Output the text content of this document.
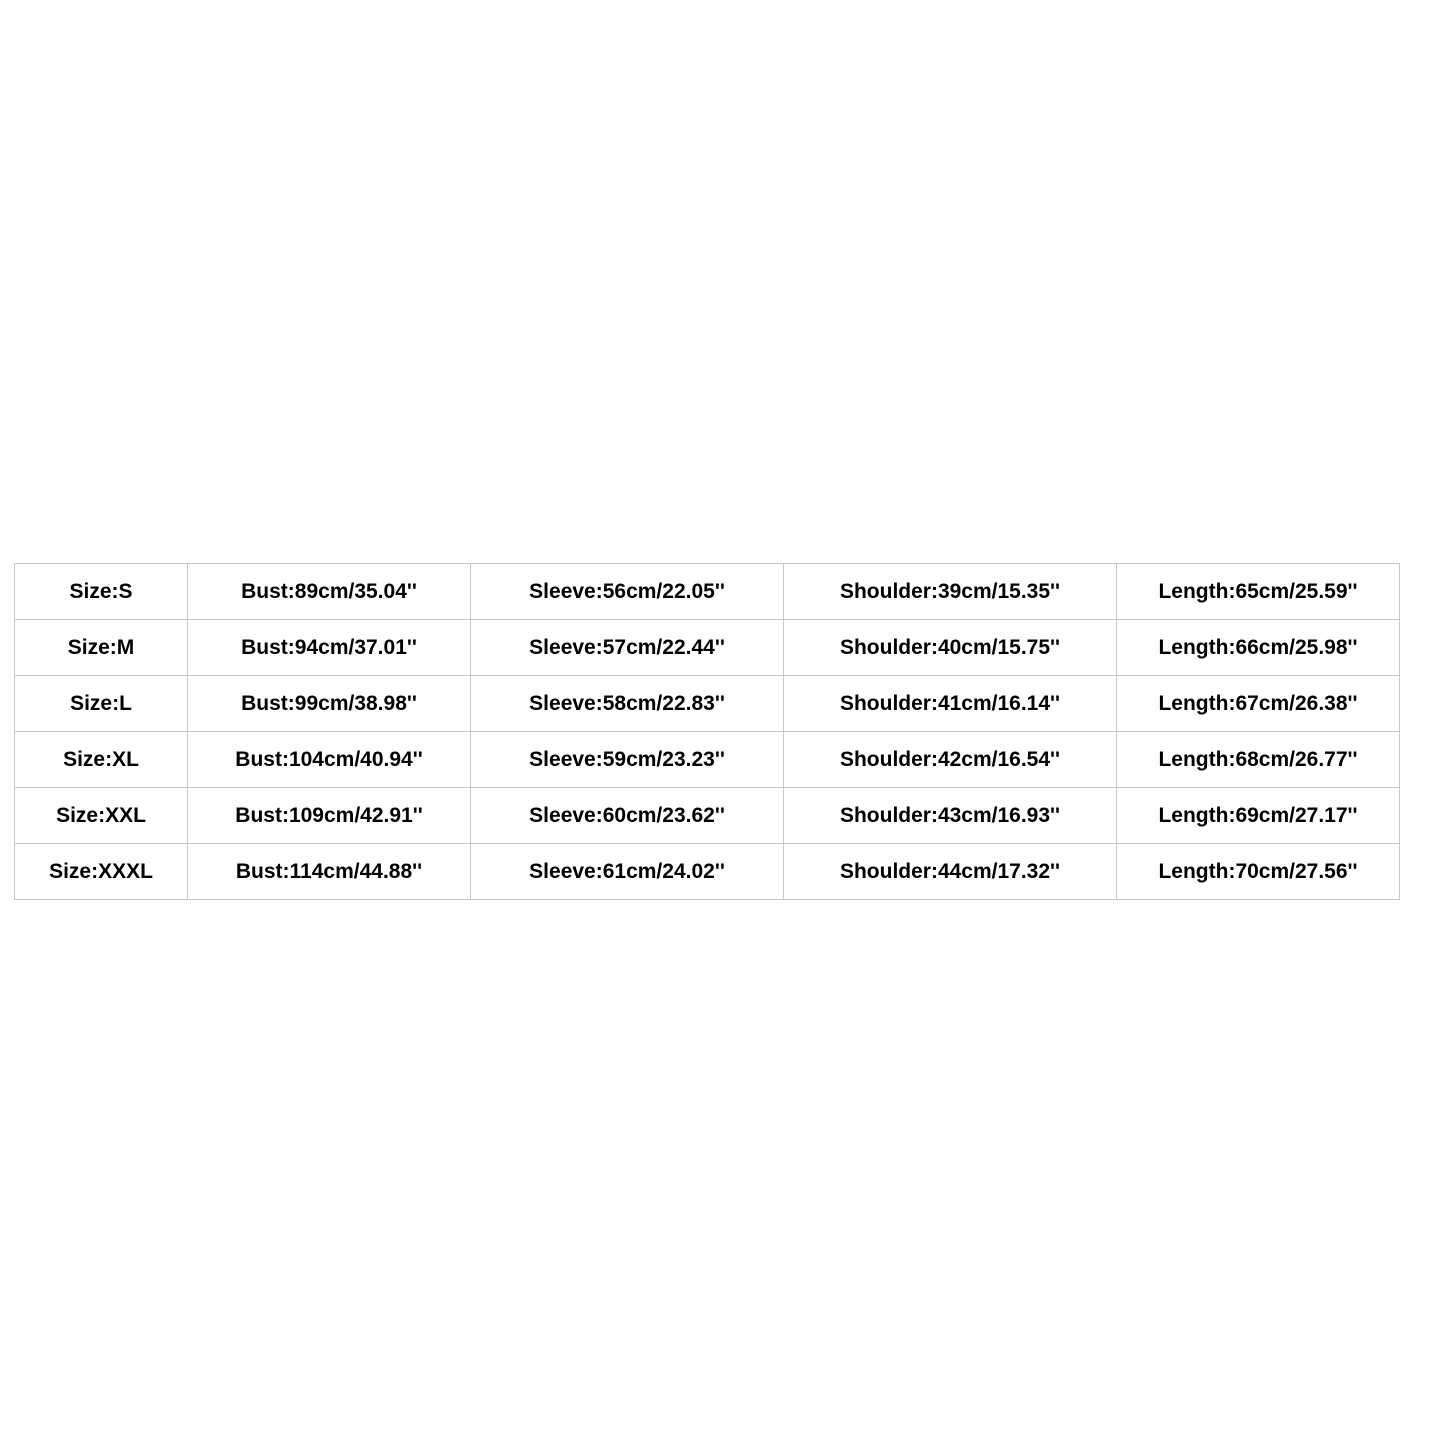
Size:S	Bust:89cm/35.04''	Sleeve:56cm/22.05''	Shoulder:39cm/15.35''	Length:65cm/25.59''
Size:M	Bust:94cm/37.01''	Sleeve:57cm/22.44''	Shoulder:40cm/15.75''	Length:66cm/25.98''
Size:L	Bust:99cm/38.98''	Sleeve:58cm/22.83''	Shoulder:41cm/16.14''	Length:67cm/26.38''
Size:XL	Bust:104cm/40.94''	Sleeve:59cm/23.23''	Shoulder:42cm/16.54''	Length:68cm/26.77''
Size:XXL	Bust:109cm/42.91''	Sleeve:60cm/23.62''	Shoulder:43cm/16.93''	Length:69cm/27.17''
Size:XXXL	Bust:114cm/44.88''	Sleeve:61cm/24.02''	Shoulder:44cm/17.32''	Length:70cm/27.56''
